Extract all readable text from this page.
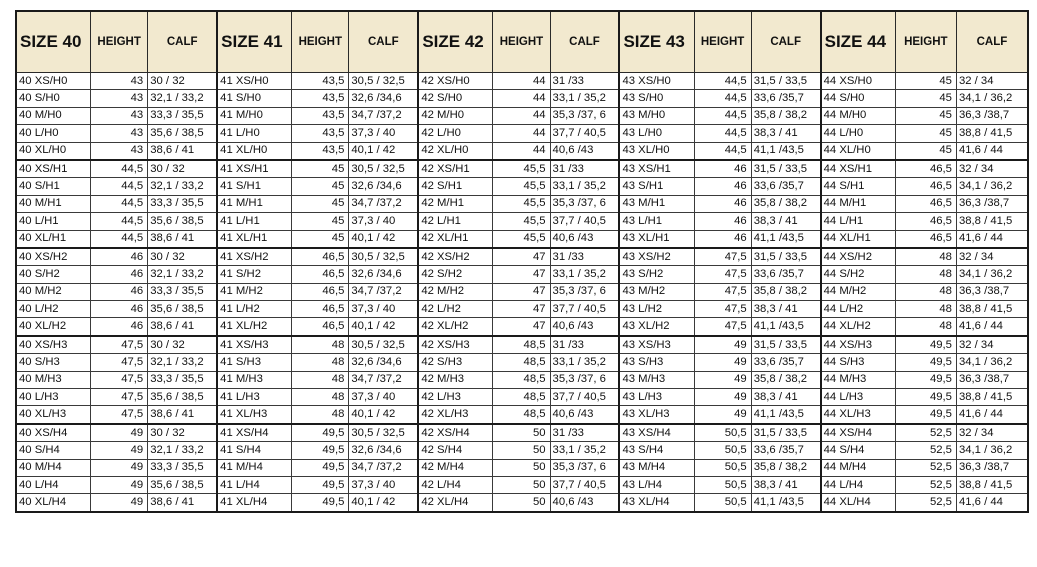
SIZE 40	HEIGHT	CALF	SIZE 41	HEIGHT	CALF	SIZE 42	HEIGHT	CALF	SIZE 43	HEIGHT	CALF	SIZE 44	HEIGHT	CALF
40 XS/H0	43	30 / 32	41 XS/H0	43,5	30,5 / 32,5	42 XS/H0	44	31 /33	43 XS/H0	44,5	31,5 / 33,5	44 XS/H0	45	32 / 34
40 S/H0	43	32,1 / 33,2	41 S/H0	43,5	32,6 /34,6	42 S/H0	44	33,1 / 35,2	43 S/H0	44,5	33,6 /35,7	44 S/H0	45	34,1 / 36,2
40 M/H0	43	33,3 / 35,5	41 M/H0	43,5	34,7 /37,2	42 M/H0	44	35,3 /37, 6	43 M/H0	44,5	35,8 / 38,2	44 M/H0	45	36,3 /38,7
40 L/H0	43	35,6 / 38,5	41 L/H0	43,5	37,3 / 40	42 L/H0	44	37,7 / 40,5	43 L/H0	44,5	38,3 / 41	44 L/H0	45	38,8 / 41,5
40 XL/H0	43	38,6 / 41	41 XL/H0	43,5	40,1 / 42	42 XL/H0	44	40,6 /43	43 XL/H0	44,5	41,1 /43,5	44 XL/H0	45	41,6 / 44
40 XS/H1	44,5	30 / 32	41 XS/H1	45	30,5 / 32,5	42 XS/H1	45,5	31 /33	43 XS/H1	46	31,5 / 33,5	44 XS/H1	46,5	32 / 34
40 S/H1	44,5	32,1 / 33,2	41 S/H1	45	32,6 /34,6	42 S/H1	45,5	33,1 / 35,2	43 S/H1	46	33,6 /35,7	44 S/H1	46,5	34,1 / 36,2
40 M/H1	44,5	33,3 / 35,5	41 M/H1	45	34,7 /37,2	42 M/H1	45,5	35,3 /37, 6	43 M/H1	46	35,8 / 38,2	44 M/H1	46,5	36,3 /38,7
40 L/H1	44,5	35,6 / 38,5	41 L/H1	45	37,3 / 40	42 L/H1	45,5	37,7 / 40,5	43 L/H1	46	38,3 / 41	44 L/H1	46,5	38,8 / 41,5
40 XL/H1	44,5	38,6 / 41	41 XL/H1	45	40,1 / 42	42 XL/H1	45,5	40,6 /43	43 XL/H1	46	41,1 /43,5	44 XL/H1	46,5	41,6 / 44
40 XS/H2	46	30 / 32	41 XS/H2	46,5	30,5 / 32,5	42 XS/H2	47	31 /33	43 XS/H2	47,5	31,5 / 33,5	44 XS/H2	48	32 / 34
40 S/H2	46	32,1 / 33,2	41 S/H2	46,5	32,6 /34,6	42 S/H2	47	33,1 / 35,2	43 S/H2	47,5	33,6 /35,7	44 S/H2	48	34,1 / 36,2
40 M/H2	46	33,3 / 35,5	41 M/H2	46,5	34,7 /37,2	42 M/H2	47	35,3 /37, 6	43 M/H2	47,5	35,8 / 38,2	44 M/H2	48	36,3 /38,7
40 L/H2	46	35,6 / 38,5	41 L/H2	46,5	37,3 / 40	42 L/H2	47	37,7 / 40,5	43 L/H2	47,5	38,3 / 41	44 L/H2	48	38,8 / 41,5
40 XL/H2	46	38,6 / 41	41 XL/H2	46,5	40,1 / 42	42 XL/H2	47	40,6 /43	43 XL/H2	47,5	41,1 /43,5	44 XL/H2	48	41,6 / 44
40 XS/H3	47,5	30 / 32	41 XS/H3	48	30,5 / 32,5	42 XS/H3	48,5	31 /33	43 XS/H3	49	31,5 / 33,5	44 XS/H3	49,5	32 / 34
40 S/H3	47,5	32,1 / 33,2	41 S/H3	48	32,6 /34,6	42 S/H3	48,5	33,1 / 35,2	43 S/H3	49	33,6 /35,7	44 S/H3	49,5	34,1 / 36,2
40 M/H3	47,5	33,3 / 35,5	41 M/H3	48	34,7 /37,2	42 M/H3	48,5	35,3 /37, 6	43 M/H3	49	35,8 / 38,2	44 M/H3	49,5	36,3 /38,7
40 L/H3	47,5	35,6 / 38,5	41 L/H3	48	37,3 / 40	42 L/H3	48,5	37,7 / 40,5	43 L/H3	49	38,3 / 41	44 L/H3	49,5	38,8 / 41,5
40 XL/H3	47,5	38,6 / 41	41 XL/H3	48	40,1 / 42	42 XL/H3	48,5	40,6 /43	43 XL/H3	49	41,1 /43,5	44 XL/H3	49,5	41,6 / 44
40 XS/H4	49	30 / 32	41 XS/H4	49,5	30,5 / 32,5	42 XS/H4	50	31 /33	43 XS/H4	50,5	31,5 / 33,5	44 XS/H4	52,5	32 / 34
40 S/H4	49	32,1 / 33,2	41 S/H4	49,5	32,6 /34,6	42 S/H4	50	33,1 / 35,2	43 S/H4	50,5	33,6 /35,7	44 S/H4	52,5	34,1 / 36,2
40 M/H4	49	33,3 / 35,5	41 M/H4	49,5	34,7 /37,2	42 M/H4	50	35,3 /37, 6	43 M/H4	50,5	35,8 / 38,2	44 M/H4	52,5	36,3 /38,7
40 L/H4	49	35,6 / 38,5	41 L/H4	49,5	37,3 / 40	42 L/H4	50	37,7 / 40,5	43 L/H4	50,5	38,3 / 41	44 L/H4	52,5	38,8 / 41,5
40 XL/H4	49	38,6 / 41	41 XL/H4	49,5	40,1 / 42	42 XL/H4	50	40,6 /43	43 XL/H4	50,5	41,1 /43,5	44 XL/H4	52,5	41,6 / 44
